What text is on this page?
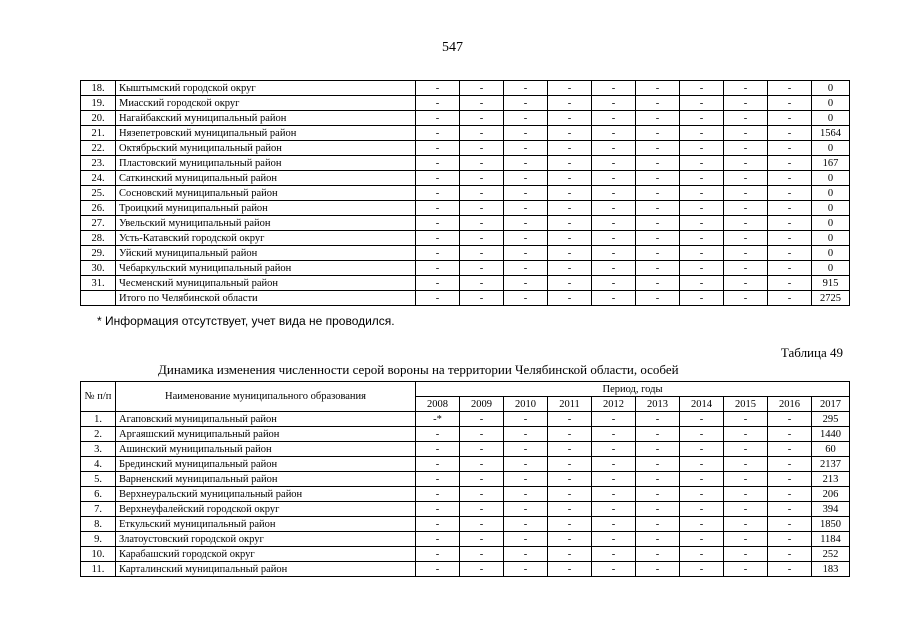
547
18.	Кыштымский городской округ	-	-	-	-	-	-	-	-	-	0
19.	Миасский городской округ	-	-	-	-	-	-	-	-	-	0
20.	Нагайбакский муниципальный район	-	-	-	-	-	-	-	-	-	0
21.	Нязепетровский муниципальный район	-	-	-	-	-	-	-	-	-	1564
22.	Октябрьский муниципальный район	-	-	-	-	-	-	-	-	-	0
23.	Пластовский муниципальный район	-	-	-	-	-	-	-	-	-	167
24.	Саткинский муниципальный район	-	-	-	-	-	-	-	-	-	0
25.	Сосновский муниципальный район	-	-	-	-	-	-	-	-	-	0
26.	Троицкий муниципальный район	-	-	-	-	-	-	-	-	-	0
27.	Увельский муниципальный район	-	-	-	-	-	-	-	-	-	0
28.	Усть-Катавский городской округ	-	-	-	-	-	-	-	-	-	0
29.	Уйский муниципальный район	-	-	-	-	-	-	-	-	-	0
30.	Чебаркульский муниципальный район	-	-	-	-	-	-	-	-	-	0
31.	Чесменский муниципальный район	-	-	-	-	-	-	-	-	-	915
	Итого по Челябинской области	-	-	-	-	-	-	-	-	-	2725
* Информация отсутствует, учет вида не проводился.
Таблица 49
Динамика изменения численности серой вороны на территории Челябинской области, особей
№ п/п	Наименование муниципального образования	Период, годы									
		2008	2009	2010	2011	2012	2013	2014	2015	2016	2017
1.	Агаповский муниципальный район	-*	-	-	-	-	-	-	-	-	295
2.	Аргаяшский муниципальный район	-	-	-	-	-	-	-	-	-	1440
3.	Ашинский муниципальный район	-	-	-	-	-	-	-	-	-	60
4.	Брединский муниципальный район	-	-	-	-	-	-	-	-	-	2137
5.	Варненский муниципальный район	-	-	-	-	-	-	-	-	-	213
6.	Верхнеуральский муниципальный район	-	-	-	-	-	-	-	-	-	206
7.	Верхнеуфалейский городской округ	-	-	-	-	-	-	-	-	-	394
8.	Еткульский муниципальный район	-	-	-	-	-	-	-	-	-	1850
9.	Златоустовский городской округ	-	-	-	-	-	-	-	-	-	1184
10.	Карабашский городской округ	-	-	-	-	-	-	-	-	-	252
11.	Карталинский муниципальный район	-	-	-	-	-	-	-	-	-	183
